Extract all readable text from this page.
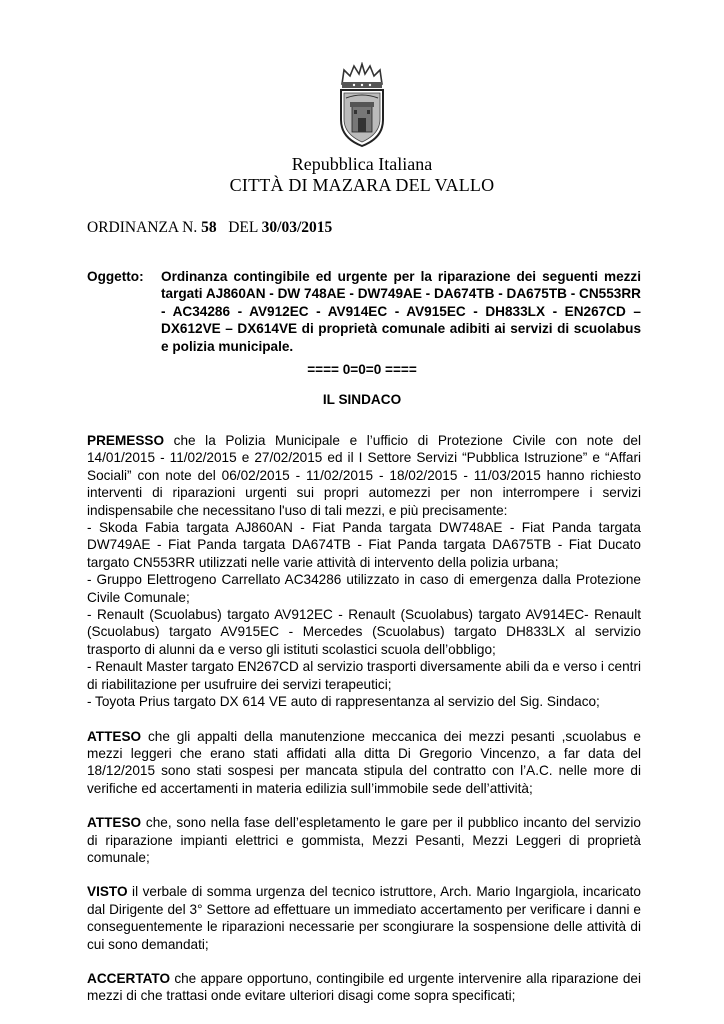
Repubblica Italiana
CITTÀ DI MAZARA DEL VALLO
ORDINANZA N. 58   DEL 30/03/2015
Oggetto: Ordinanza contingibile ed urgente per la riparazione dei seguenti mezzi targati AJ860AN - DW 748AE - DW749AE - DA674TB - DA675TB - CN553RR - AC34286 - AV912EC - AV914EC - AV915EC - DH833LX - EN267CD – DX612VE – DX614VE di proprietà comunale adibiti ai servizi di scuolabus e polizia municipale.
==== 0=0=0 ====
IL SINDACO

PREMESSO che la Polizia Municipale e l’ufficio di Protezione Civile con note del 14/01/2015 - 11/02/2015 e 27/02/2015 ed il I Settore Servizi “Pubblica Istruzione” e “Affari Sociali” con note del 06/02/2015 - 11/02/2015 - 18/02/2015 - 11/03/2015 hanno richiesto interventi di riparazioni urgenti sui propri automezzi per non interrompere i servizi indispensabile che necessitano l'uso di tali mezzi, e più precisamente:
- Skoda Fabia targata AJ860AN - Fiat Panda targata DW748AE - Fiat Panda targata DW749AE - Fiat Panda targata DA674TB - Fiat Panda targata DA675TB - Fiat Ducato targato CN553RR utilizzati nelle varie attività di intervento della polizia urbana;
- Gruppo Elettrogeno Carrellato AC34286 utilizzato in caso di emergenza dalla Protezione Civile Comunale;
- Renault (Scuolabus) targato AV912EC - Renault (Scuolabus) targato AV914EC- Renault (Scuolabus) targato AV915EC - Mercedes (Scuolabus) targato DH833LX al servizio trasporto di alunni da e verso gli istituti scolastici scuola dell’obbligo;
- Renault Master targato EN267CD al servizio trasporti diversamente abili da e verso i centri di riabilitazione per usufruire dei servizi terapeutici;
- Toyota Prius targato DX 614 VE auto di rappresentanza al servizio del Sig. Sindaco;

ATTESO che gli appalti della manutenzione meccanica dei mezzi pesanti ,scuolabus e mezzi leggeri che erano stati affidati alla ditta Di Gregorio Vincenzo, a far data del 18/12/2015 sono stati sospesi per mancata stipula del contratto con l’A.C. nelle more di verifiche ed accertamenti in materia edilizia sull’immobile sede dell’attività;

ATTESO che, sono nella fase dell’espletamento le gare per il pubblico incanto del servizio di riparazione impianti elettrici e gommista, Mezzi Pesanti, Mezzi Leggeri di proprietà comunale;

VISTO il verbale di somma urgenza del tecnico istruttore, Arch. Mario Ingargiola, incaricato dal Dirigente del 3° Settore ad effettuare un immediato accertamento per verificare i danni e conseguentemente le riparazioni necessarie per scongiurare la sospensione delle attività di cui sono demandati;

ACCERTATO che appare opportuno, contingibile ed urgente intervenire alla riparazione dei mezzi di che trattasi onde evitare ulteriori disagi come sopra specificati;
